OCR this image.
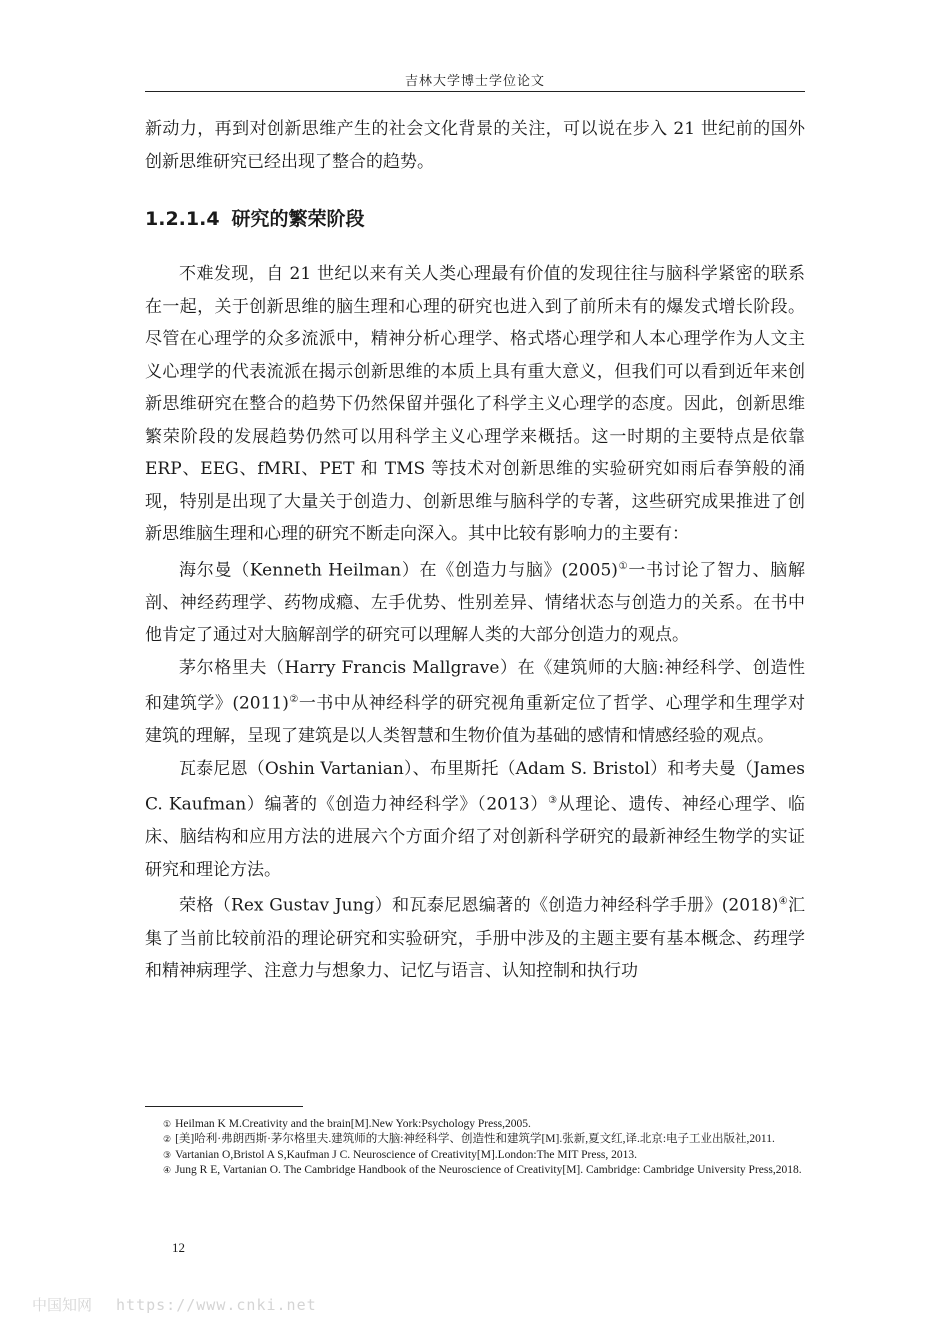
吉林大学博士学位论文

新动力，再到对创新思维产生的社会文化背景的关注，可以说在步入 21 世纪前的国外创新思维研究已经出现了整合的趋势。

1.2.1.4 研究的繁荣阶段

不难发现，自 21 世纪以来有关人类心理最有价值的发现往往与脑科学紧密的联系在一起，关于创新思维的脑生理和心理的研究也进入到了前所未有的爆发式增长阶段。尽管在心理学的众多流派中，精神分析心理学、格式塔心理学和人本心理学作为人文主义心理学的代表流派在揭示创新思维的本质上具有重大意义，但我们可以看到近年来创新思维研究在整合的趋势下仍然保留并强化了科学主义心理学的态度。因此，创新思维繁荣阶段的发展趋势仍然可以用科学主义心理学来概括。这一时期的主要特点是依靠 ERP、EEG、fMRI、PET 和 TMS 等技术对创新思维的实验研究如雨后春笋般的涌现，特别是出现了大量关于创造力、创新思维与脑科学的专著，这些研究成果推进了创新思维脑生理和心理的研究不断走向深入。其中比较有影响力的主要有：

海尔曼（Kenneth Heilman）在《创造力与脑》(2005)①一书讨论了智力、脑解剖、神经药理学、药物成瘾、左手优势、性别差异、情绪状态与创造力的关系。在书中他肯定了通过对大脑解剖学的研究可以理解人类的大部分创造力的观点。

茅尔格里夫（Harry Francis Mallgrave）在《建筑师的大脑:神经科学、创造性和建筑学》(2011)②一书中从神经科学的研究视角重新定位了哲学、心理学和生理学对建筑的理解，呈现了建筑是以人类智慧和生物价值为基础的感情和情感经验的观点。

瓦泰尼恩（Oshin Vartanian）、布里斯托（Adam S. Bristol）和考夫曼（James C. Kaufman）编著的《创造力神经科学》（2013）③从理论、遗传、神经心理学、临床、脑结构和应用方法的进展六个方面介绍了对创新科学研究的最新神经生物学的实证研究和理论方法。

荣格（Rex Gustav Jung）和瓦泰尼恩编著的《创造力神经科学手册》(2018)④汇集了当前比较前沿的理论研究和实验研究，手册中涉及的主题主要有基本概念、药理学和精神病理学、注意力与想象力、记忆与语言、认知控制和执行功

① Heilman K M.Creativity and the brain[M].New York:Psychology Press,2005.

② [美]哈利·弗朗西斯·茅尔格里夫.建筑师的大脑:神经科学、创造性和建筑学[M].张新,夏文红,译.北京:电子工业出版社,2011.

③ Vartanian O,Bristol A S,Kaufman J C. Neuroscience of Creativity[M].London:The MIT Press, 2013.

④ Jung R E, Vartanian O. The Cambridge Handbook of the Neuroscience of Creativity[M]. Cambridge: Cambridge University Press,2018.

12
中国知网 https://www.cnki.net
